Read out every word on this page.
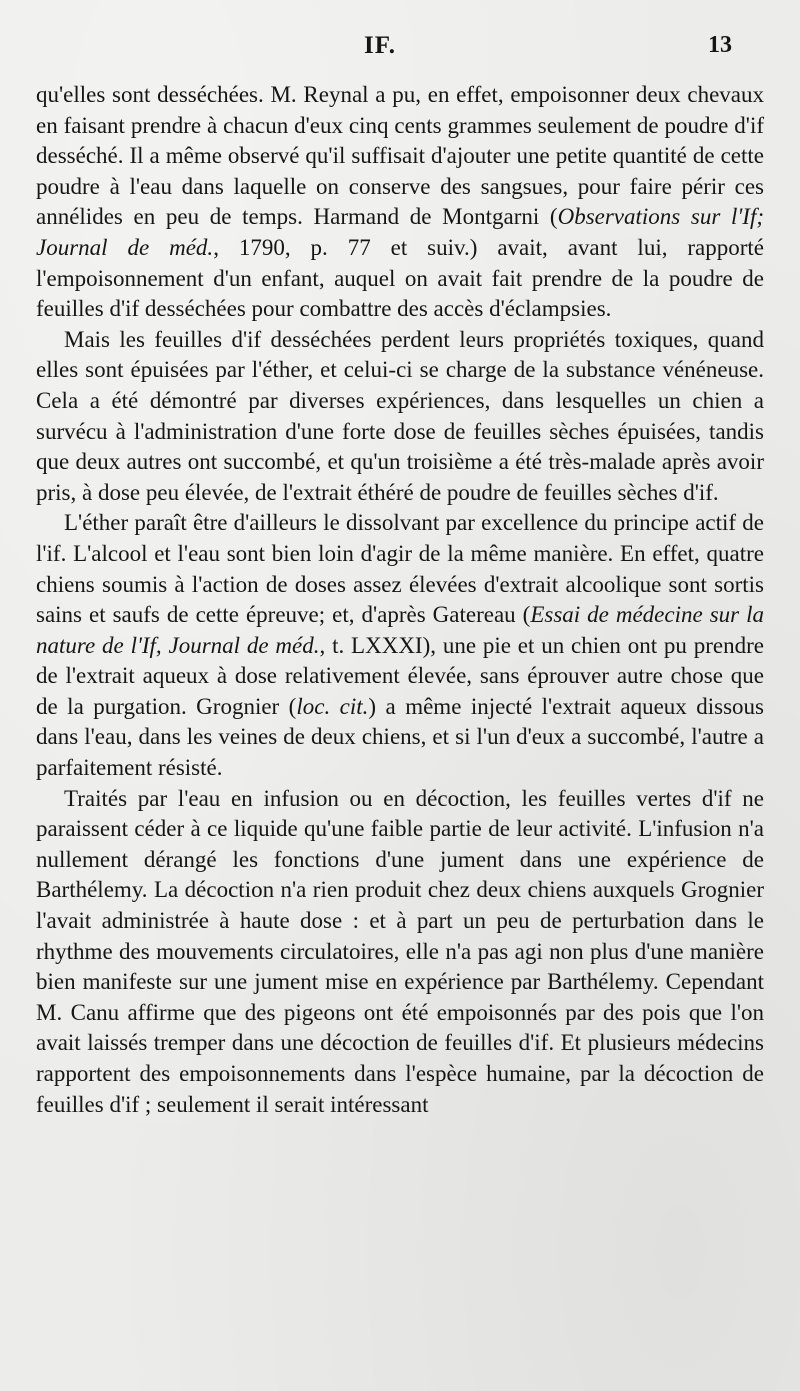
IF.	13

qu'elles sont desséchées. M. Reynal a pu, en effet, empoisonner deux chevaux en faisant prendre à chacun d'eux cinq cents grammes seulement de poudre d'if desséché. Il a même observé qu'il suffisait d'ajouter une petite quantité de cette poudre à l'eau dans laquelle on conserve des sangsues, pour faire périr ces annélides en peu de temps. Harmand de Montgarni (Observations sur l'If; Journal de méd., 1790, p. 77 et suiv.) avait, avant lui, rapporté l'empoisonnement d'un enfant, auquel on avait fait prendre de la poudre de feuilles d'if desséchées pour combattre des accès d'éclampsies.

Mais les feuilles d'if desséchées perdent leurs propriétés toxiques, quand elles sont épuisées par l'éther, et celui-ci se charge de la substance vénéneuse. Cela a été démontré par diverses expériences, dans lesquelles un chien a survécu à l'administration d'une forte dose de feuilles sèches épuisées, tandis que deux autres ont succombé, et qu'un troisième a été très-malade après avoir pris, à dose peu élevée, de l'extrait éthéré de poudre de feuilles sèches d'if.

L'éther paraît être d'ailleurs le dissolvant par excellence du principe actif de l'if. L'alcool et l'eau sont bien loin d'agir de la même manière. En effet, quatre chiens soumis à l'action de doses assez élevées d'extrait alcoolique sont sortis sains et saufs de cette épreuve; et, d'après Gatereau (Essai de médecine sur la nature de l'If, Journal de méd., t. LXXXI), une pie et un chien ont pu prendre de l'extrait aqueux à dose relativement élevée, sans éprouver autre chose que de la purgation. Grognier (loc. cit.) a même injecté l'extrait aqueux dissous dans l'eau, dans les veines de deux chiens, et si l'un d'eux a succombé, l'autre a parfaitement résisté.

Traités par l'eau en infusion ou en décoction, les feuilles vertes d'if ne paraissent céder à ce liquide qu'une faible partie de leur activité. L'infusion n'a nullement dérangé les fonctions d'une jument dans une expérience de Barthélemy. La décoction n'a rien produit chez deux chiens auxquels Grognier l'avait administrée à haute dose : et à part un peu de perturbation dans le rhythme des mouvements circulatoires, elle n'a pas agi non plus d'une manière bien manifeste sur une jument mise en expérience par Barthélemy. Cependant M. Canu affirme que des pigeons ont été empoisonnés par des pois que l'on avait laissés tremper dans une décoction de feuilles d'if. Et plusieurs médecins rapportent des empoisonnements dans l'espèce humaine, par la décoction de feuilles d'if ; seulement il serait intéressant
